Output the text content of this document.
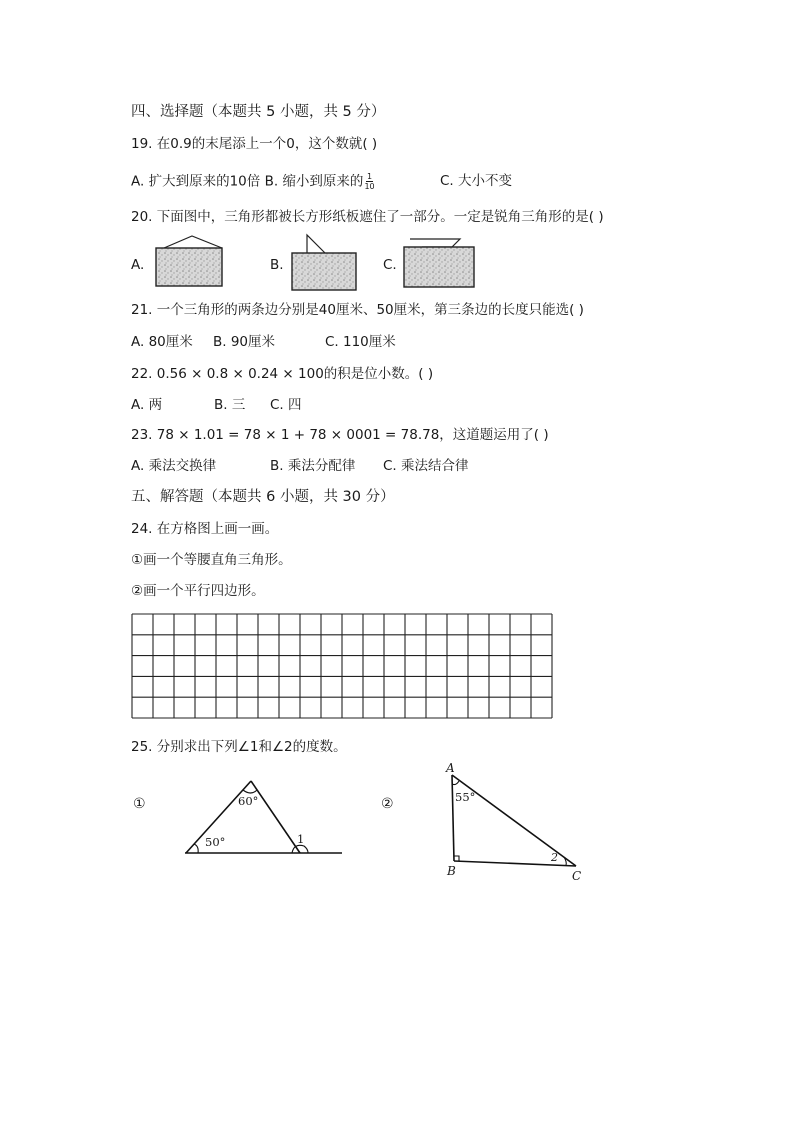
四、选择题（本题共 5 小题，共 5 分）
19. 在0.9的末尾添上一个0，这个数就( )
A. 扩大到原来的10倍 B. 缩小到原来的 $\frac{1}{10}$	C. 大小不变
20. 下面图中，三角形都被长方形纸板遮住了一部分。一定是锐角三角形的是( )
A.	B.	C.
21. 一个三角形的两条边分别是40厘米、50厘米，第三条边的长度只能选( )
A. 80厘米 B. 90厘米	C. 110厘米
22. 0.56 × 0.8 × 0.24 × 100的积是位小数。( )
A. 两	B. 三 C. 四
23. 78 × 1.01 = 78 × 1 + 78 × 0001 = 78.78，这道题运用了( )
A. 乘法交换律	B. 乘法分配律 C. 乘法结合律
五、解答题（本题共 6 小题，共 30 分）
24. 在方格图上画一画。
①画一个等腰直角三角形。
②画一个平行四边形。
25. 分别求出下列∠1和∠2的度数。
①	60°
50°	1
②
A
55°
B
2
C
